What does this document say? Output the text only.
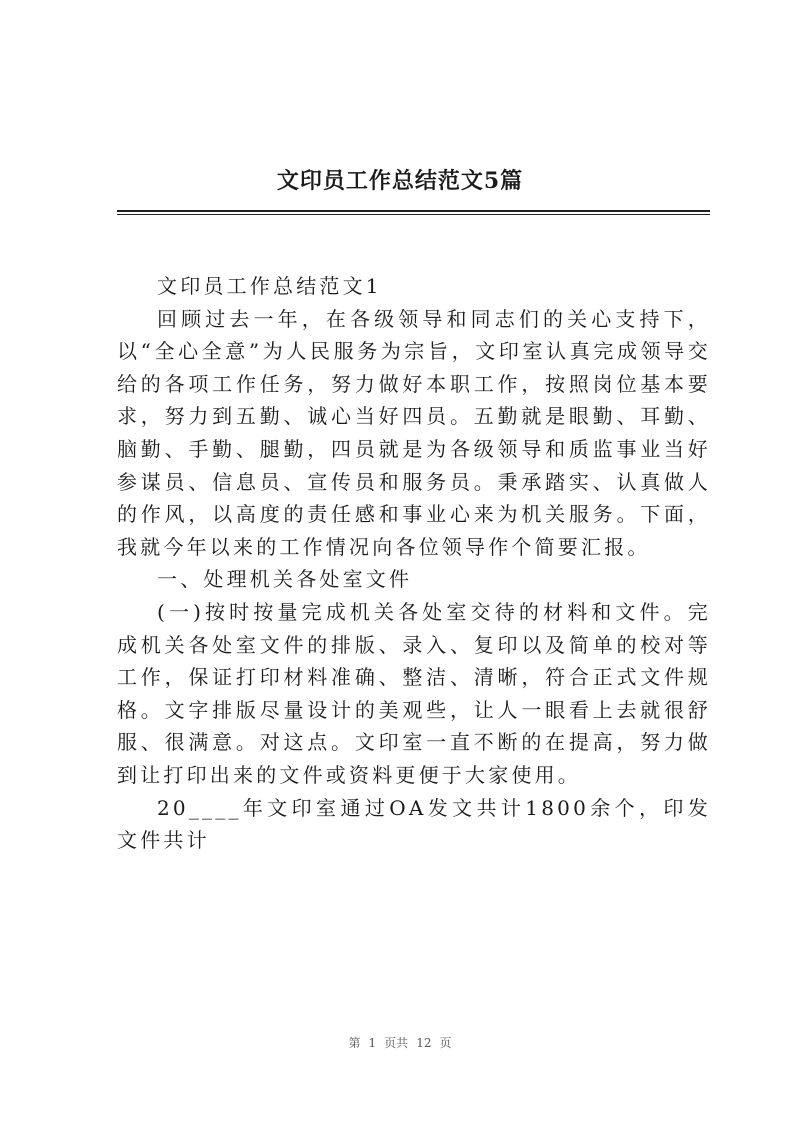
文印员工作总结范文5篇

文印员工作总结范文1

回顾过去一年，在各级领导和同志们的关心支持下，以“全心全意”为人民服务为宗旨，文印室认真完成领导交给的各项工作任务，努力做好本职工作，按照岗位基本要求，努力到五勤、诚心当好四员。五勤就是眼勤、耳勤、脑勤、手勤、腿勤，四员就是为各级领导和质监事业当好参谋员、信息员、宣传员和服务员。秉承踏实、认真做人的作风，以高度的责任感和事业心来为机关服务。下面，我就今年以来的工作情况向各位领导作个简要汇报。

一、处理机关各处室文件

(一)按时按量完成机关各处室交待的材料和文件。完成机关各处室文件的排版、录入、复印以及简单的校对等工作，保证打印材料准确、整洁、清晰，符合正式文件规格。文字排版尽量设计的美观些，让人一眼看上去就很舒服、很满意。对这点。文印室一直不断的在提高，努力做到让打印出来的文件或资料更便于大家使用。

20____年文印室通过OA发文共计1800余个，印发文件共计

第 1 页共 12 页
